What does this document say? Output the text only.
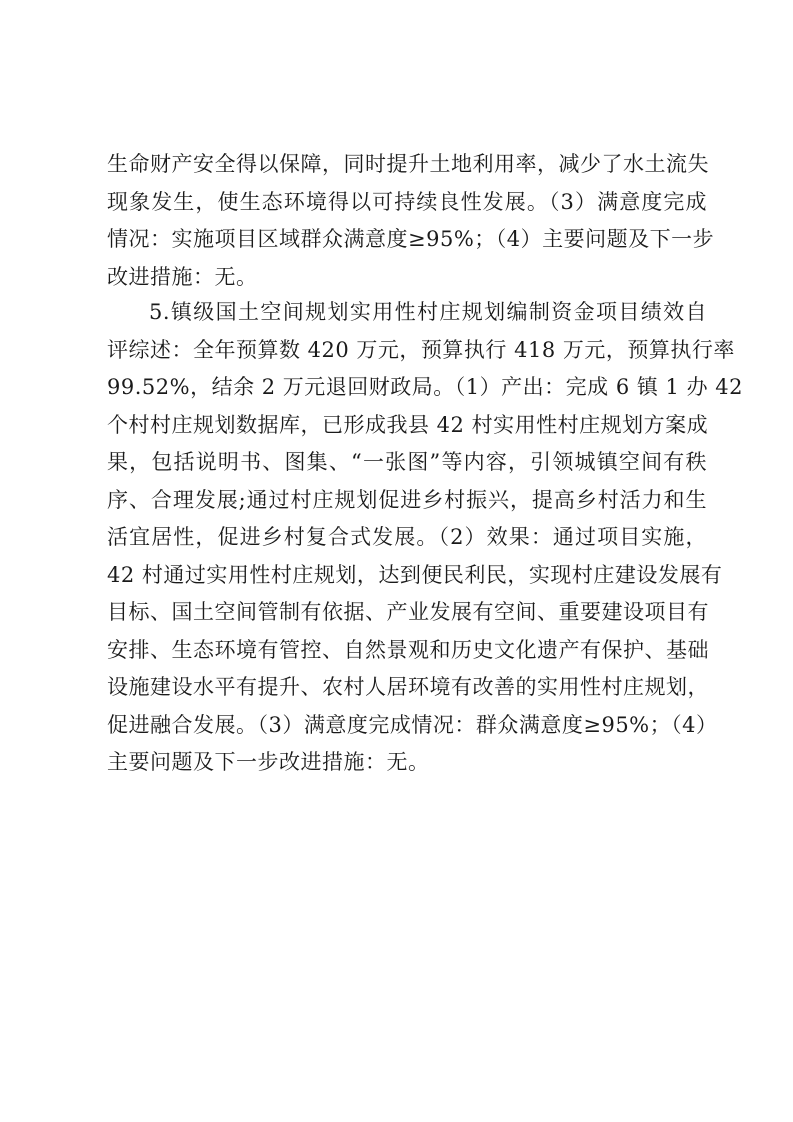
生命财产安全得以保障，同时提升土地利用率，减少了水土流失
现象发生，使生态环境得以可持续良性发展。（3）满意度完成
情况：实施项目区域群众满意度≥95%；（4）主要问题及下一步
改进措施：无。
5.镇级国土空间规划实用性村庄规划编制资金项目绩效自
评综述：全年预算数 420 万元，预算执行 418 万元，预算执行率
99.52%，结余 2 万元退回财政局。（1）产出：完成 6 镇 1 办 42
个村村庄规划数据库，已形成我县 42 村实用性村庄规划方案成
果，包括说明书、图集、“一张图”等内容，引领城镇空间有秩
序、合理发展;通过村庄规划促进乡村振兴，提高乡村活力和生
活宜居性，促进乡村复合式发展。（2）效果：通过项目实施，
42 村通过实用性村庄规划，达到便民利民，实现村庄建设发展有
目标、国土空间管制有依据、产业发展有空间、重要建设项目有
安排、生态环境有管控、自然景观和历史文化遗产有保护、基础
设施建设水平有提升、农村人居环境有改善的实用性村庄规划，
促进融合发展。（3）满意度完成情况：群众满意度≥95%；（4）
主要问题及下一步改进措施：无。
